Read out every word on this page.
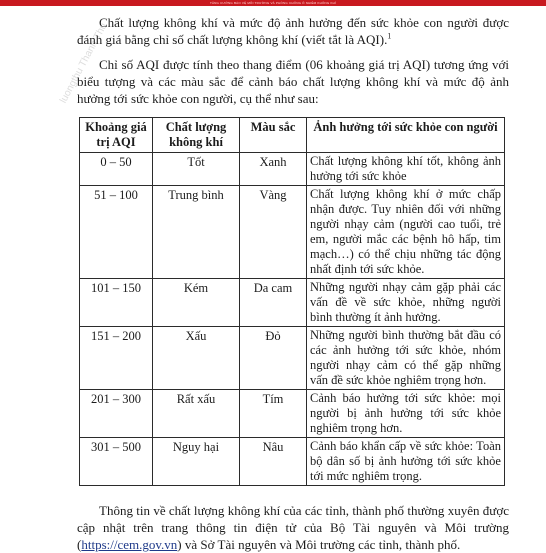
TĂNG CƯỜNG BẢO VỆ MÔI TRƯỜNG VÀ PHÒNG CHỐNG Ô NHIỄM KHÔNG KHÍ
luongthu Thanh Thu

Chất lượng không khí và mức độ ảnh hưởng đến sức khỏe con người được đánh giá bằng chỉ số chất lượng không khí (viết tắt là AQI).$^1$

Chỉ số AQI được tính theo thang điểm (06 khoảng giá trị AQI) tương ứng với biểu tượng và các màu sắc để cảnh báo chất lượng không khí và mức độ ảnh hưởng tới sức khỏe con người, cụ thể như sau:

Khoảng giá trị AQI	Chất lượng không khí	Màu sắc	Ảnh hưởng tới sức khỏe con người
0 – 50	Tốt	Xanh	Chất lượng không khí tốt, không ảnh hưởng tới sức khỏe
51 – 100	Trung bình	Vàng	Chất lượng không khí ở mức chấp nhận được. Tuy nhiên đối với những người nhạy cảm (người cao tuổi, trẻ em, người mắc các bệnh hô hấp, tim mạch…) có thể chịu những tác động nhất định tới sức khỏe.
101 – 150	Kém	Da cam	Những người nhạy cảm gặp phải các vấn đề về sức khỏe, những người bình thường ít ảnh hưởng.
151 – 200	Xấu	Đỏ	Những người bình thường bắt đầu có các ảnh hưởng tới sức khỏe, nhóm người nhạy cảm có thể gặp những vấn đề sức khỏe nghiêm trọng hơn.
201 – 300	Rất xấu	Tím	Cảnh báo hưởng tới sức khỏe: mọi người bị ảnh hưởng tới sức khỏe nghiêm trọng hơn.
301 – 500	Nguy hại	Nâu	Cảnh báo khẩn cấp về sức khỏe: Toàn bộ dân số bị ảnh hưởng tới sức khỏe tới mức nghiêm trọng.

Thông tin về chất lượng không khí của các tỉnh, thành phố thường xuyên được cập nhật trên trang thông tin điện tử của Bộ Tài nguyên và Môi trường (https://cem.gov.vn) và Sở Tài nguyên và Môi trường các tỉnh, thành phố.
